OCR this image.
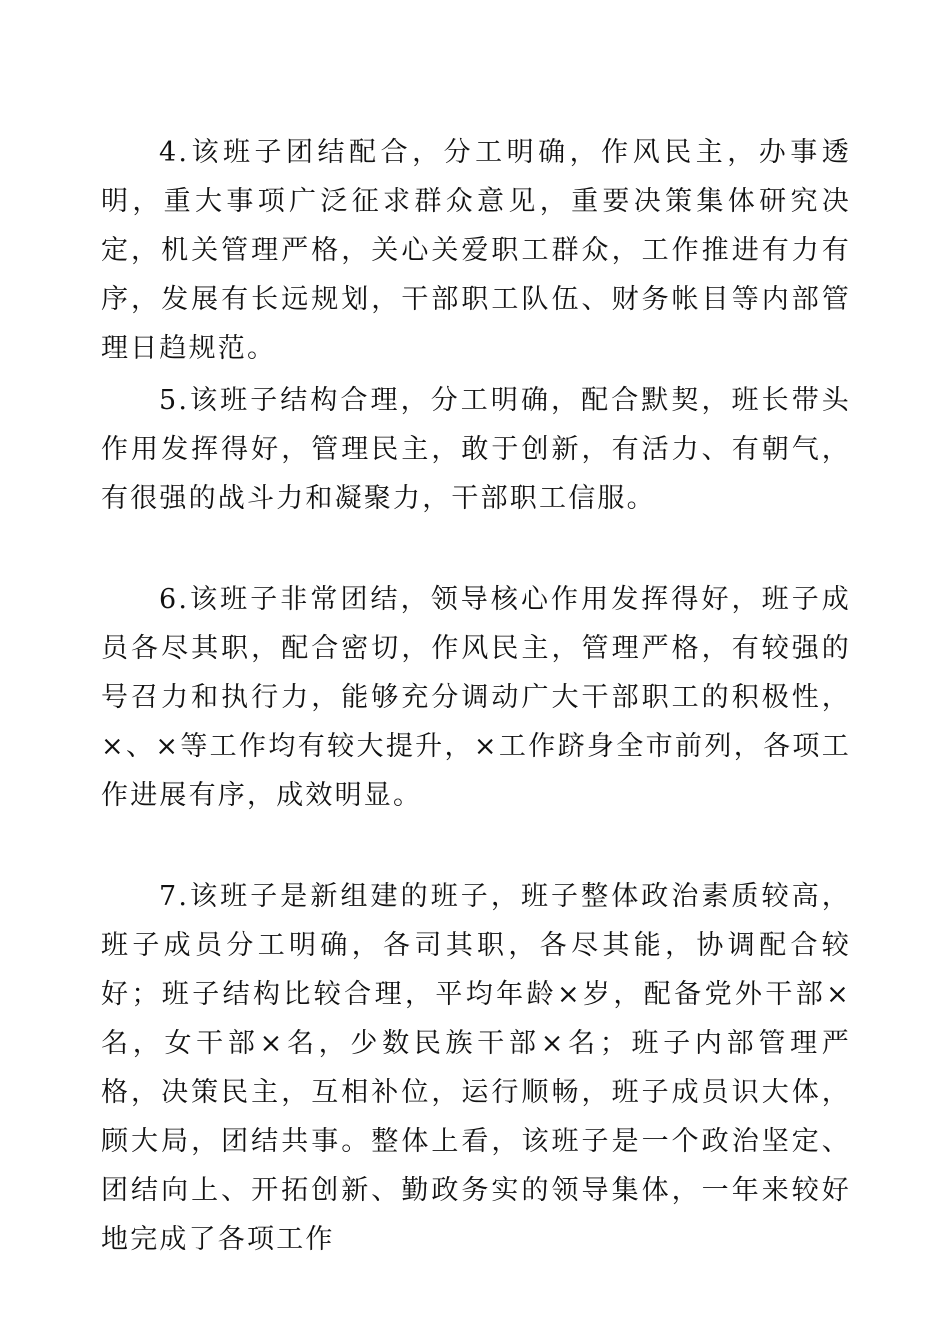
4.该班子团结配合，分工明确，作风民主，办事透明，重大事项广泛征求群众意见，重要决策集体研究决定，机关管理严格，关心关爱职工群众，工作推进有力有序，发展有长远规划，干部职工队伍、财务帐目等内部管理日趋规范。

5.该班子结构合理，分工明确，配合默契，班长带头作用发挥得好，管理民主，敢于创新，有活力、有朝气，有很强的战斗力和凝聚力，干部职工信服。

6.该班子非常团结，领导核心作用发挥得好，班子成员各尽其职，配合密切，作风民主，管理严格，有较强的号召力和执行力，能够充分调动广大干部职工的积极性，×、×等工作均有较大提升，×工作跻身全市前列，各项工作进展有序，成效明显。

7.该班子是新组建的班子，班子整体政治素质较高，班子成员分工明确，各司其职，各尽其能，协调配合较好；班子结构比较合理，平均年龄×岁，配备党外干部×名，女干部×名，少数民族干部×名；班子内部管理严格，决策民主，互相补位，运行顺畅，班子成员识大体，顾大局，团结共事。整体上看，该班子是一个政治坚定、团结向上、开拓创新、勤政务实的领导集体，一年来较好地完成了各项工作
